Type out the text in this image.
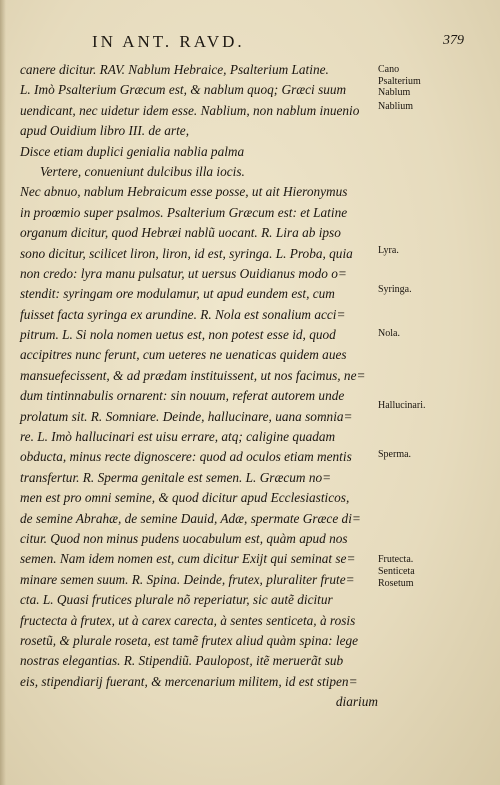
IN ANT. RAVD.	379
canere dicitur. RAV. Nablum Hebraice, Psalterium Latine.
L. Imò Psalterium Græcum est, & nablum quoq; Græci suum
uendicant, nec uidetur idem esse. Nablium, non nablum inuenio
apud Ouidium libro III. de arte,
Disce etiam duplici genialia nablia palma
Vertere, conueniunt dulcibus illa iocis.
Nec abnuo, nablum Hebraicum esse posse, ut ait Hieronymus
in proœmio super psalmos. Psalterium Græcum est: et Latine
organum dicitur, quod Hebræi nablũ uocant. R. Lira ab ipso
sono dicitur, scilicet liron, liron, id est, syringa. L. Proba, quia
non credo: lyra manu pulsatur, ut uersus Ouidianus modo o=
stendit: syringam ore modulamur, ut apud eundem est, cum
fuisset facta syringa ex arundine. R. Nola est sonalium acci=
pitrum. L. Si nola nomen uetus est, non potest esse id, quod
accipitres nunc ferunt, cum ueteres ne uenaticas quidem aues
mansuefecissent, & ad prædam instituissent, ut nos facimus, ne=
dum tintinnabulis ornarent: sin nouum, referat autorem unde
prolatum sit. R. Somniare. Deinde, hallucinare, uana somnia=
re. L. Imò hallucinari est uisu errare, atq; caligine quadam
obducta, minus recte dignoscere: quod ad oculos etiam mentis
transfertur. R. Sperma genitale est semen. L. Græcum no=
men est pro omni semine, & quod dicitur apud Ecclesiasticos,
de semine Abrahæ, de semine Dauid, Adæ, spermate Græce di=
citur. Quod non minus pudens uocabulum est, quàm apud nos
semen. Nam idem nomen est, cum dicitur Exijt qui seminat se=
minare semen suum. R. Spina. Deinde, frutex, pluraliter frute=
cta. L. Quasi frutices plurale nõ reperiatur, sic autẽ dicitur
fructecta à frutex, ut à carex carecta, à sentes senticeta, à rosis
rosetũ, & plurale roseta, est tamẽ frutex aliud quàm spina: lege
nostras elegantias. R. Stipendiũ. Paulopost, itẽ meruerãt sub
eis, stipendiarij fuerant, & mercenarium militem, id est stipen=
diarium
Cano
Psalterium
Nablum
Nablium
Lyra.
Syringa.
Nola.
Hallucinari.
Sperma.
Frutecta.
Senticeta
Rosetum
